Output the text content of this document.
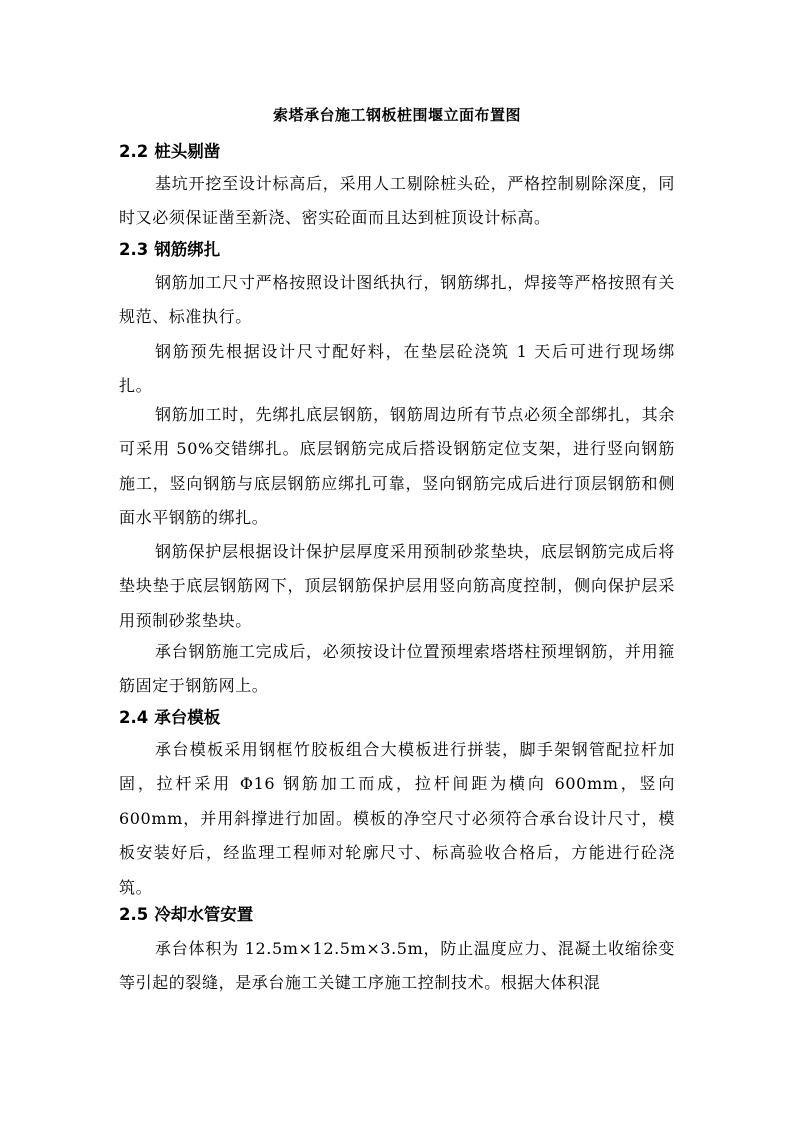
索塔承台施工钢板桩围堰立面布置图
2.2 桩头剔凿

基坑开挖至设计标高后，采用人工剔除桩头砼，严格控制剔除深度，同时又必须保证凿至新浇、密实砼面而且达到桩顶设计标高。

2.3 钢筋绑扎

钢筋加工尺寸严格按照设计图纸执行，钢筋绑扎，焊接等严格按照有关规范、标准执行。

钢筋预先根据设计尺寸配好料，在垫层砼浇筑 1 天后可进行现场绑扎。

钢筋加工时，先绑扎底层钢筋，钢筋周边所有节点必须全部绑扎，其余可采用 50%交错绑扎。底层钢筋完成后搭设钢筋定位支架，进行竖向钢筋施工，竖向钢筋与底层钢筋应绑扎可靠，竖向钢筋完成后进行顶层钢筋和侧面水平钢筋的绑扎。

钢筋保护层根据设计保护层厚度采用预制砂浆垫块，底层钢筋完成后将垫块垫于底层钢筋网下，顶层钢筋保护层用竖向筋高度控制，侧向保护层采用预制砂浆垫块。

承台钢筋施工完成后，必须按设计位置预埋索塔塔柱预埋钢筋，并用箍筋固定于钢筋网上。

2.4 承台模板

承台模板采用钢框竹胶板组合大模板进行拼装，脚手架钢管配拉杆加固，拉杆采用 Φ16 钢筋加工而成，拉杆间距为横向 600mm，竖向 600mm，并用斜撑进行加固。模板的净空尺寸必须符合承台设计尺寸，模板安装好后，经监理工程师对轮廓尺寸、标高验收合格后，方能进行砼浇筑。

2.5 冷却水管安置

承台体积为 12.5m×12.5m×3.5m，防止温度应力、混凝土收缩徐变等引起的裂缝，是承台施工关键工序施工控制技术。根据大体积混
